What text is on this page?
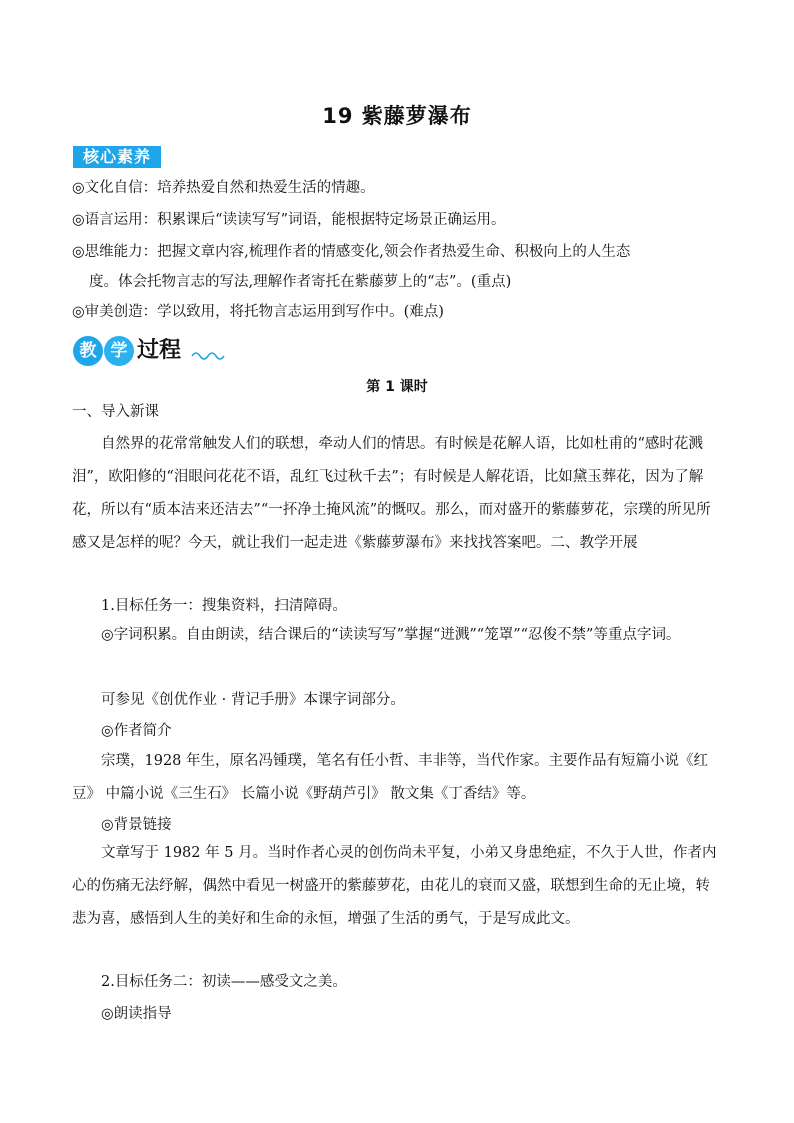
19 紫藤萝瀑布
核心素养
◎文化自信：培养热爱自然和热爱生活的情趣。
◎语言运用：积累课后“读读写写”词语，能根据特定场景正确运用。
◎思维能力：把握文章内容,梳理作者的情感变化,领会作者热爱生命、积极向上的人生态
度。体会托物言志的写法,理解作者寄托在紫藤萝上的“志”。(重点)
◎审美创造：学以致用，将托物言志运用到写作中。(难点)
教 学 过程
第 1 课时
一、导入新课
自然界的花常常触发人们的联想，牵动人们的情思。有时候是花解人语，比如杜甫的“感时花溅泪”，欧阳修的“泪眼问花花不语，乱红飞过秋千去”；有时候是人解花语，比如黛玉葬花，因为了解花，所以有“质本洁来还洁去”“一抔净土掩风流”的慨叹。那么，而对盛开的紫藤萝花，宗璞的所见所感又是怎样的呢？今天，就让我们一起走进《紫藤萝瀑布》来找找答案吧。二、教学开展
1.目标任务一：搜集资料，扫清障碍。
◎字词积累。自由朗读，结合课后的“读读写写”掌握“迸溅”“笼罩”“忍俊不禁”等重点字词。
可参见《创优作业 · 背记手册》本课字词部分。
◎作者简介
宗璞，1928 年生，原名冯锺璞，笔名有任小哲、丰非等，当代作家。主要作品有短篇小说《红豆》 中篇小说《三生石》 长篇小说《野葫芦引》 散文集《丁香结》等。
◎背景链接
文章写于 1982 年 5 月。当时作者心灵的创伤尚未平复，小弟又身患绝症，不久于人世，作者内心的伤痛无法纾解，偶然中看见一树盛开的紫藤萝花，由花儿的衰而又盛，联想到生命的无止境，转悲为喜，感悟到人生的美好和生命的永恒，增强了生活的勇气，于是写成此文。
2.目标任务二：初读——感受文之美。
◎朗读指导
